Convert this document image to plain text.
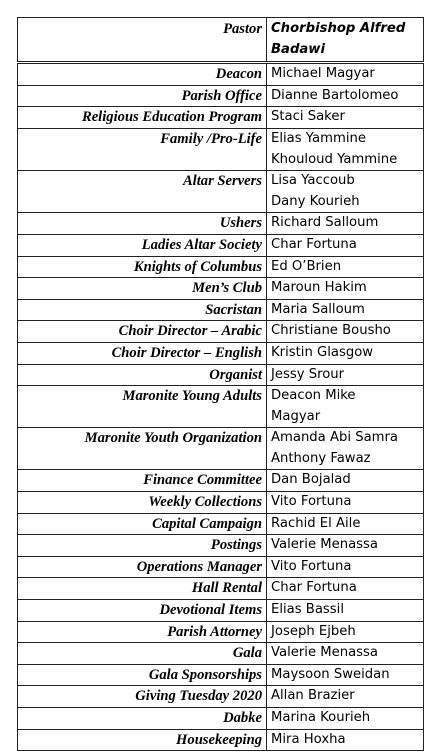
Pastor	Chorbishop Alfred
Badawi

Deacon	Michael Magyar

Parish Office	Dianne Bartolomeo

Religious Education Program	Staci Saker

Family /Pro-Life	Elias Yammine
Khouloud Yammine

Altar Servers	Lisa Yaccoub
Dany Kourieh

Ushers	Richard Salloum

Ladies Altar Society	Char Fortuna

Knights of Columbus	Ed O’Brien

Men’s Club	Maroun Hakim

Sacristan	Maria Salloum

Choir Director – Arabic	Christiane Bousho

Choir Director – English	Kristin Glasgow

Organist	Jessy Srour

Maronite Young Adults	Deacon Mike
Magyar

Maronite Youth Organization	Amanda Abi Samra
Anthony Fawaz

Finance Committee	Dan Bojalad

Weekly Collections	Vito Fortuna

Capital Campaign	Rachid El Aile

Postings	Valerie Menassa

Operations Manager	Vito Fortuna

Hall Rental	Char Fortuna

Devotional Items	Elias Bassil

Parish Attorney	Joseph Ejbeh

Gala	Valerie Menassa

Gala Sponsorships	Maysoon Sweidan

Giving Tuesday 2020	Allan Brazier

Dabke	Marina Kourieh

Housekeeping	Mira Hoxha
